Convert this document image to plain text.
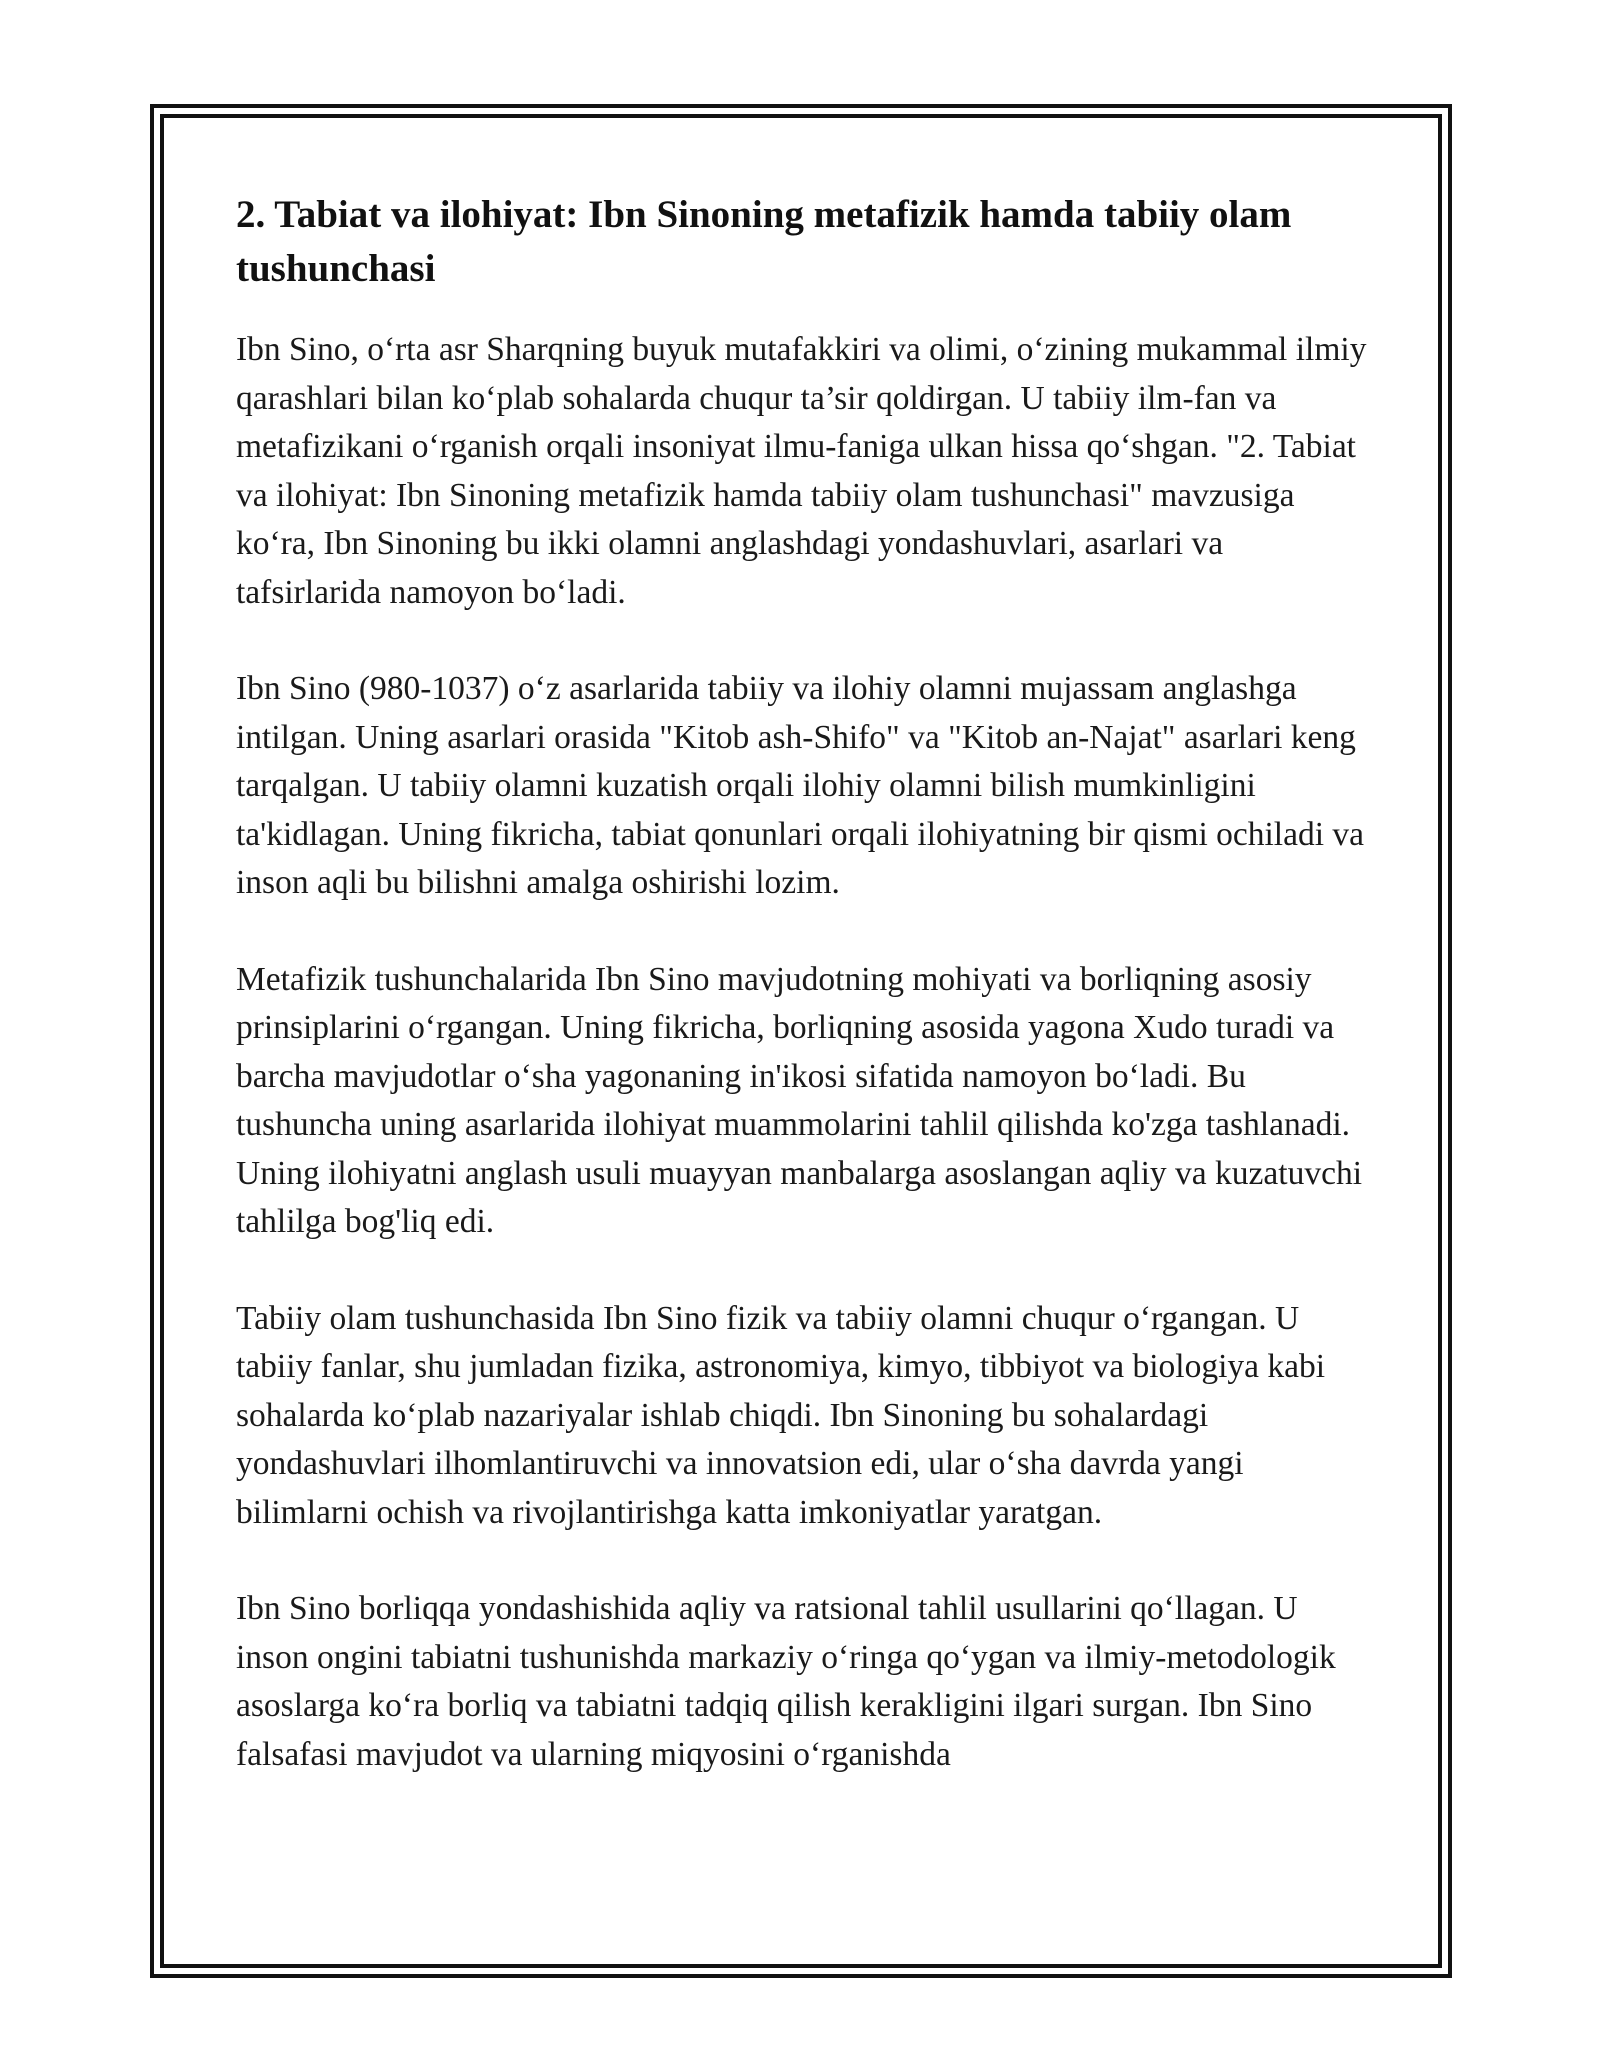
2. Tabiat va ilohiyat: Ibn Sinoning metafizik hamda tabiiy olam tushunchasi

Ibn Sino, o‘rta asr Sharqning buyuk mutafakkiri va olimi, o‘zining mukammal ilmiy qarashlari bilan ko‘plab sohalarda chuqur ta’sir qoldirgan. U tabiiy ilm-fan va metafizikani o‘rganish orqali insoniyat ilmu-faniga ulkan hissa qo‘shgan. "2. Tabiat va ilohiyat: Ibn Sinoning metafizik hamda tabiiy olam tushunchasi" mavzusiga ko‘ra, Ibn Sinoning bu ikki olamni anglashdagi yondashuvlari, asarlari va tafsirlarida namoyon bo‘ladi.

Ibn Sino (980-1037) o‘z asarlarida tabiiy va ilohiy olamni mujassam anglashga intilgan. Uning asarlari orasida "Kitob ash-Shifo" va "Kitob an-Najat" asarlari keng tarqalgan. U tabiiy olamni kuzatish orqali ilohiy olamni bilish mumkinligini ta'kidlagan. Uning fikricha, tabiat qonunlari orqali ilohiyatning bir qismi ochiladi va inson aqli bu bilishni amalga oshirishi lozim.

Metafizik tushunchalarida Ibn Sino mavjudotning mohiyati va borliqning asosiy prinsiplarini o‘rgangan. Uning fikricha, borliqning asosida yagona Xudo turadi va barcha mavjudotlar o‘sha yagonaning in'ikosi sifatida namoyon bo‘ladi. Bu tushuncha uning asarlarida ilohiyat muammolarini tahlil qilishda ko'zga tashlanadi. Uning ilohiyatni anglash usuli muayyan manbalarga asoslangan aqliy va kuzatuvchi tahlilga bog'liq edi.

Tabiiy olam tushunchasida Ibn Sino fizik va tabiiy olamni chuqur o‘rgangan. U tabiiy fanlar, shu jumladan fizika, astronomiya, kimyo, tibbiyot va biologiya kabi sohalarda ko‘plab nazariyalar ishlab chiqdi. Ibn Sinoning bu sohalardagi yondashuvlari ilhomlantiruvchi va innovatsion edi, ular o‘sha davrda yangi bilimlarni ochish va rivojlantirishga katta imkoniyatlar yaratgan.

Ibn Sino borliqqa yondashishida aqliy va ratsional tahlil usullarini qo‘llagan. U inson ongini tabiatni tushunishda markaziy o‘ringa qo‘ygan va ilmiy-metodologik asoslarga ko‘ra borliq va tabiatni tadqiq qilish kerakligini ilgari surgan. Ibn Sino falsafasi mavjudot va ularning miqyosini o‘rganishda
